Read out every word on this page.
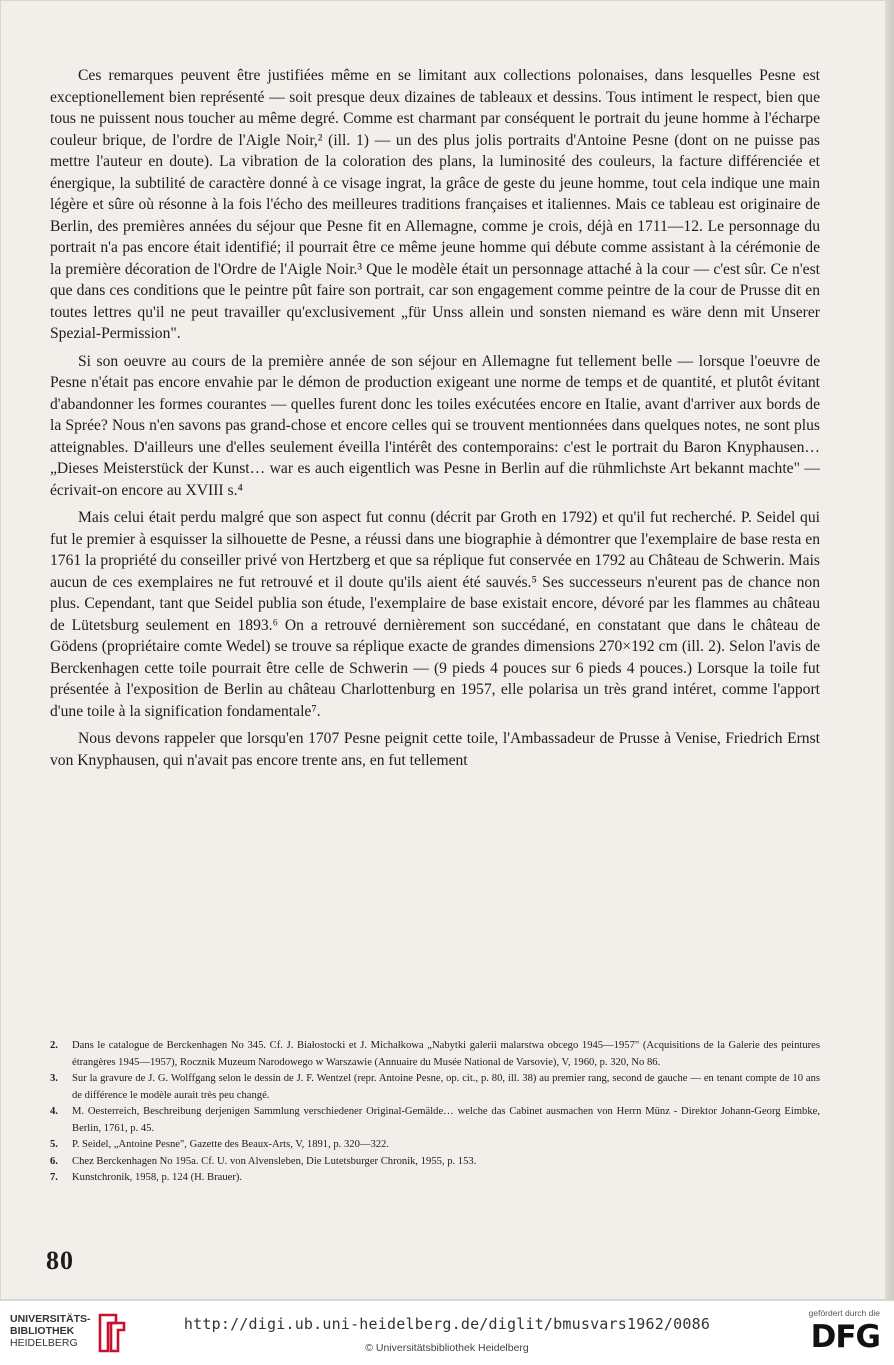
Ces remarques peuvent être justifiées même en se limitant aux collections polonaises, dans lesquelles Pesne est exceptionellement bien représenté — soit presque deux dizaines de tableaux et dessins. Tous intiment le respect, bien que tous ne puissent nous toucher au même degré. Comme est charmant par conséquent le portrait du jeune homme à l'écharpe couleur brique, de l'ordre de l'Aigle Noir,² (ill. 1) — un des plus jolis portraits d'Antoine Pesne (dont on ne puisse pas mettre l'auteur en doute). La vibration de la coloration des plans, la luminosité des couleurs, la facture différenciée et énergique, la subtilité de caractère donné à ce visage ingrat, la grâce de geste du jeune homme, tout cela indique une main légère et sûre où résonne à la fois l'écho des meilleures traditions françaises et italiennes. Mais ce tableau est originaire de Berlin, des premières années du séjour que Pesne fit en Allemagne, comme je crois, déjà en 1711—12. Le personnage du portrait n'a pas encore était identifié; il pourrait être ce même jeune homme qui débute comme assistant à la cérémonie de la première décoration de l'Ordre de l'Aigle Noir.³ Que le modèle était un personnage attaché à la cour — c'est sûr. Ce n'est que dans ces conditions que le peintre pût faire son portrait, car son engagement comme peintre de la cour de Prusse dit en toutes lettres qu'il ne peut travailler qu'exclusivement „für Unss allein und sonsten niemand es wäre denn mit Unserer Spezial-Permission".

Si son oeuvre au cours de la première année de son séjour en Allemagne fut tellement belle — lorsque l'oeuvre de Pesne n'était pas encore envahie par le démon de production exigeant une norme de temps et de quantité, et plutôt évitant d'abandonner les formes courantes — quelles furent donc les toiles exécutées encore en Italie, avant d'arriver aux bords de la Sprée? Nous n'en savons pas grand-chose et encore celles qui se trouvent mentionnées dans quelques notes, ne sont plus atteignables. D'ailleurs une d'elles seulement éveilla l'intérêt des contemporains: c'est le portrait du Baron Knyphausen… „Dieses Meisterstück der Kunst… war es auch eigentlich was Pesne in Berlin auf die rühmlichste Art bekannt machte" — écrivait-on encore au XVIII s.⁴

Mais celui était perdu malgré que son aspect fut connu (décrit par Groth en 1792) et qu'il fut recherché. P. Seidel qui fut le premier à esquisser la silhouette de Pesne, a réussi dans une biographie à démontrer que l'exemplaire de base resta en 1761 la propriété du conseiller privé von Hertzberg et que sa réplique fut conservée en 1792 au Château de Schwerin. Mais aucun de ces exemplaires ne fut retrouvé et il doute qu'ils aient été sauvés.⁵ Ses successeurs n'eurent pas de chance non plus. Cependant, tant que Seidel publia son étude, l'exemplaire de base existait encore, dévoré par les flammes au château de Lütetsburg seulement en 1893.⁶ On a retrouvé dernièrement son succédané, en constatant que dans le château de Gödens (propriétaire comte Wedel) se trouve sa réplique exacte de grandes dimensions 270×192 cm (ill. 2). Selon l'avis de Berckenhagen cette toile pourrait être celle de Schwerin — (9 pieds 4 pouces sur 6 pieds 4 pouces.) Lorsque la toile fut présentée à l'exposition de Berlin au château Charlottenburg en 1957, elle polarisa un très grand intéret, comme l'apport d'une toile à la signification fondamentale⁷.

Nous devons rappeler que lorsqu'en 1707 Pesne peignit cette toile, l'Ambassadeur de Prusse à Venise, Friedrich Ernst von Knyphausen, qui n'avait pas encore trente ans, en fut tellement

2.	Dans le catalogue de Berckenhagen No 345. Cf. J. Białostocki et J. Michałkowa „Nabytki galerii malarstwa obcego 1945—1957" (Acquisitions de la Galerie des peintures étrangères 1945—1957), Rocznik Muzeum Narodowego w Warszawie (Annuaire du Musée National de Varsovie), V, 1960, p. 320, No 86.
3.	Sur la gravure de J. G. Wolffgang selon le dessin de J. F. Wentzel (repr. Antoine Pesne, op. cit., p. 80, ill. 38) au premier rang, second de gauche — en tenant compte de 10 ans de différence le modèle aurait très peu changé.
4.	M. Oesterreich, Beschreibung derjenigen Sammlung verschiedener Original-Gemälde… welche das Cabinet ausmachen von Herrn Münz - Direktor Johann-Georg Eimbke, Berlin, 1761, p. 45.
5.	P. Seidel, „Antoine Pesne", Gazette des Beaux-Arts, V, 1891, p. 320—322.
6.	Chez Berckenhagen No 195a. Cf. U. von Alvensleben, Die Lutetsburger Chronik, 1955, p. 153.
7.	Kunstchronik, 1958, p. 124 (H. Brauer).
80
UNIVERSITÄTS-
BIBLIOTHEK
HEIDELBERG
http://digi.ub.uni-heidelberg.de/diglit/bmusvars1962/0086
© Universitätsbibliothek Heidelberg
gefördert durch die
DFG
